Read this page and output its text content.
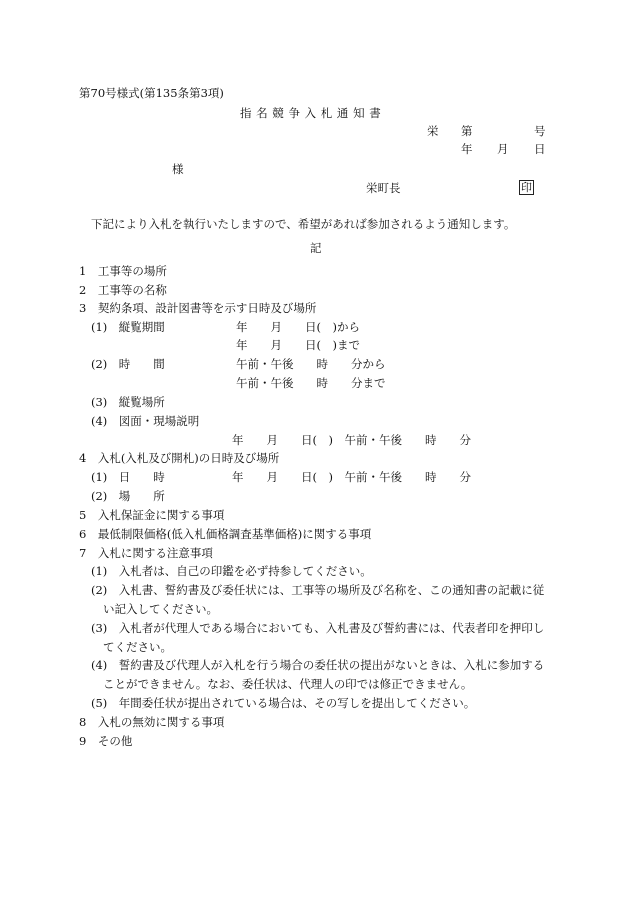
第70号様式(第135条第3項)
指 名 競 争 入 札 通 知 書
栄 第	号
年 月 日
様
栄町長	印
下記により入札を執行いたしますので、希望があれば参加されるよう通知します。
記
1　工事等の場所
2　工事等の名称
3　契約条項、設計図書等を示す日時及び場所
(1)　縦覧期間	年　　月　　日(　)から
年　　月　　日(　)まで
(2)　時　　間	午前・午後　　時　　分から
午前・午後　　時　　分まで
(3)　縦覧場所
(4)　図面・現場説明
年　　月　　日(　)　午前・午後　　時　　分
4　入札(入札及び開札)の日時及び場所
(1)　日　　時	年　　月　　日(　)　午前・午後　　時　　分
(2)　場　　所
5　入札保証金に関する事項
6　最低制限価格(低入札価格調査基準価格)に関する事項
7　入札に関する注意事項
(1)　入札者は、自己の印鑑を必ず持参してください。
(2)　入札書、誓約書及び委任状には、工事等の場所及び名称を、この通知書の記載に従
い記入してください。
(3)　入札者が代理人である場合においても、入札書及び誓約書には、代表者印を押印し
てください。
(4)　誓約書及び代理人が入札を行う場合の委任状の提出がないときは、入札に参加する
ことができません。なお、委任状は、代理人の印では修正できません。
(5)　年間委任状が提出されている場合は、その写しを提出してください。
8　入札の無効に関する事項
9　その他
